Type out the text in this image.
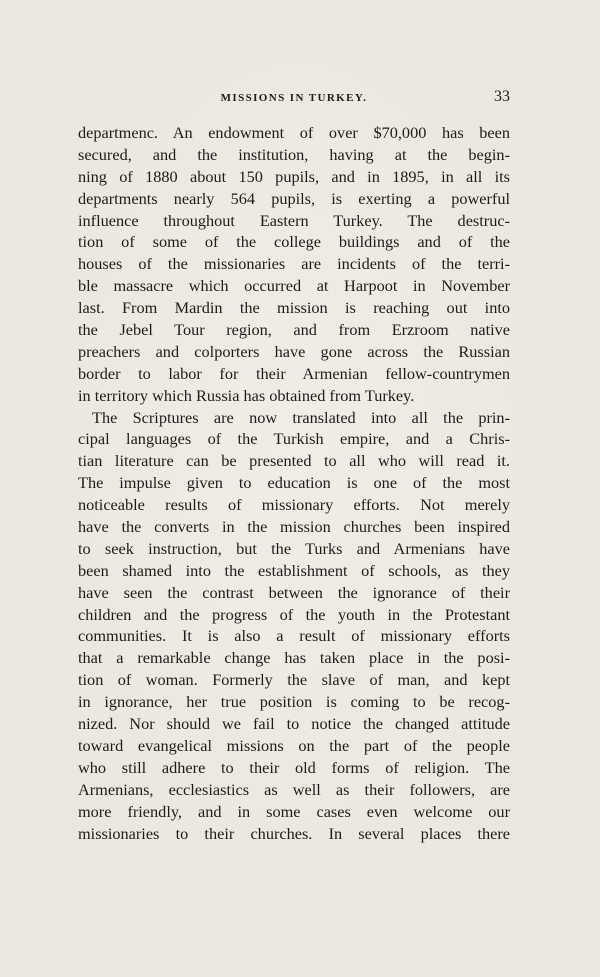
MISSIONS IN TURKEY.	33
departmenc. An endowment of over $70,000 has been
secured, and the institution, having at the begin-
ning of 1880 about 150 pupils, and in 1895, in all its
departments nearly 564 pupils, is exerting a powerful
influence throughout Eastern Turkey. The destruc-
tion of some of the college buildings and of the
houses of the missionaries are incidents of the terri-
ble massacre which occurred at Harpoot in November
last. From Mardin the mission is reaching out into
the Jebel Tour region, and from Erzroom native
preachers and colporters have gone across the Russian
border to labor for their Armenian fellow-countrymen
in territory which Russia has obtained from Turkey.
The Scriptures are now translated into all the prin-
cipal languages of the Turkish empire, and a Chris-
tian literature can be presented to all who will read it.
The impulse given to education is one of the most
noticeable results of missionary efforts. Not merely
have the converts in the mission churches been inspired
to seek instruction, but the Turks and Armenians have
been shamed into the establishment of schools, as they
have seen the contrast between the ignorance of their
children and the progress of the youth in the Protestant
communities. It is also a result of missionary efforts
that a remarkable change has taken place in the posi-
tion of woman. Formerly the slave of man, and kept
in ignorance, her true position is coming to be recog-
nized. Nor should we fail to notice the changed attitude
toward evangelical missions on the part of the people
who still adhere to their old forms of religion. The
Armenians, ecclesiastics as well as their followers, are
more friendly, and in some cases even welcome our
missionaries to their churches. In several places there
